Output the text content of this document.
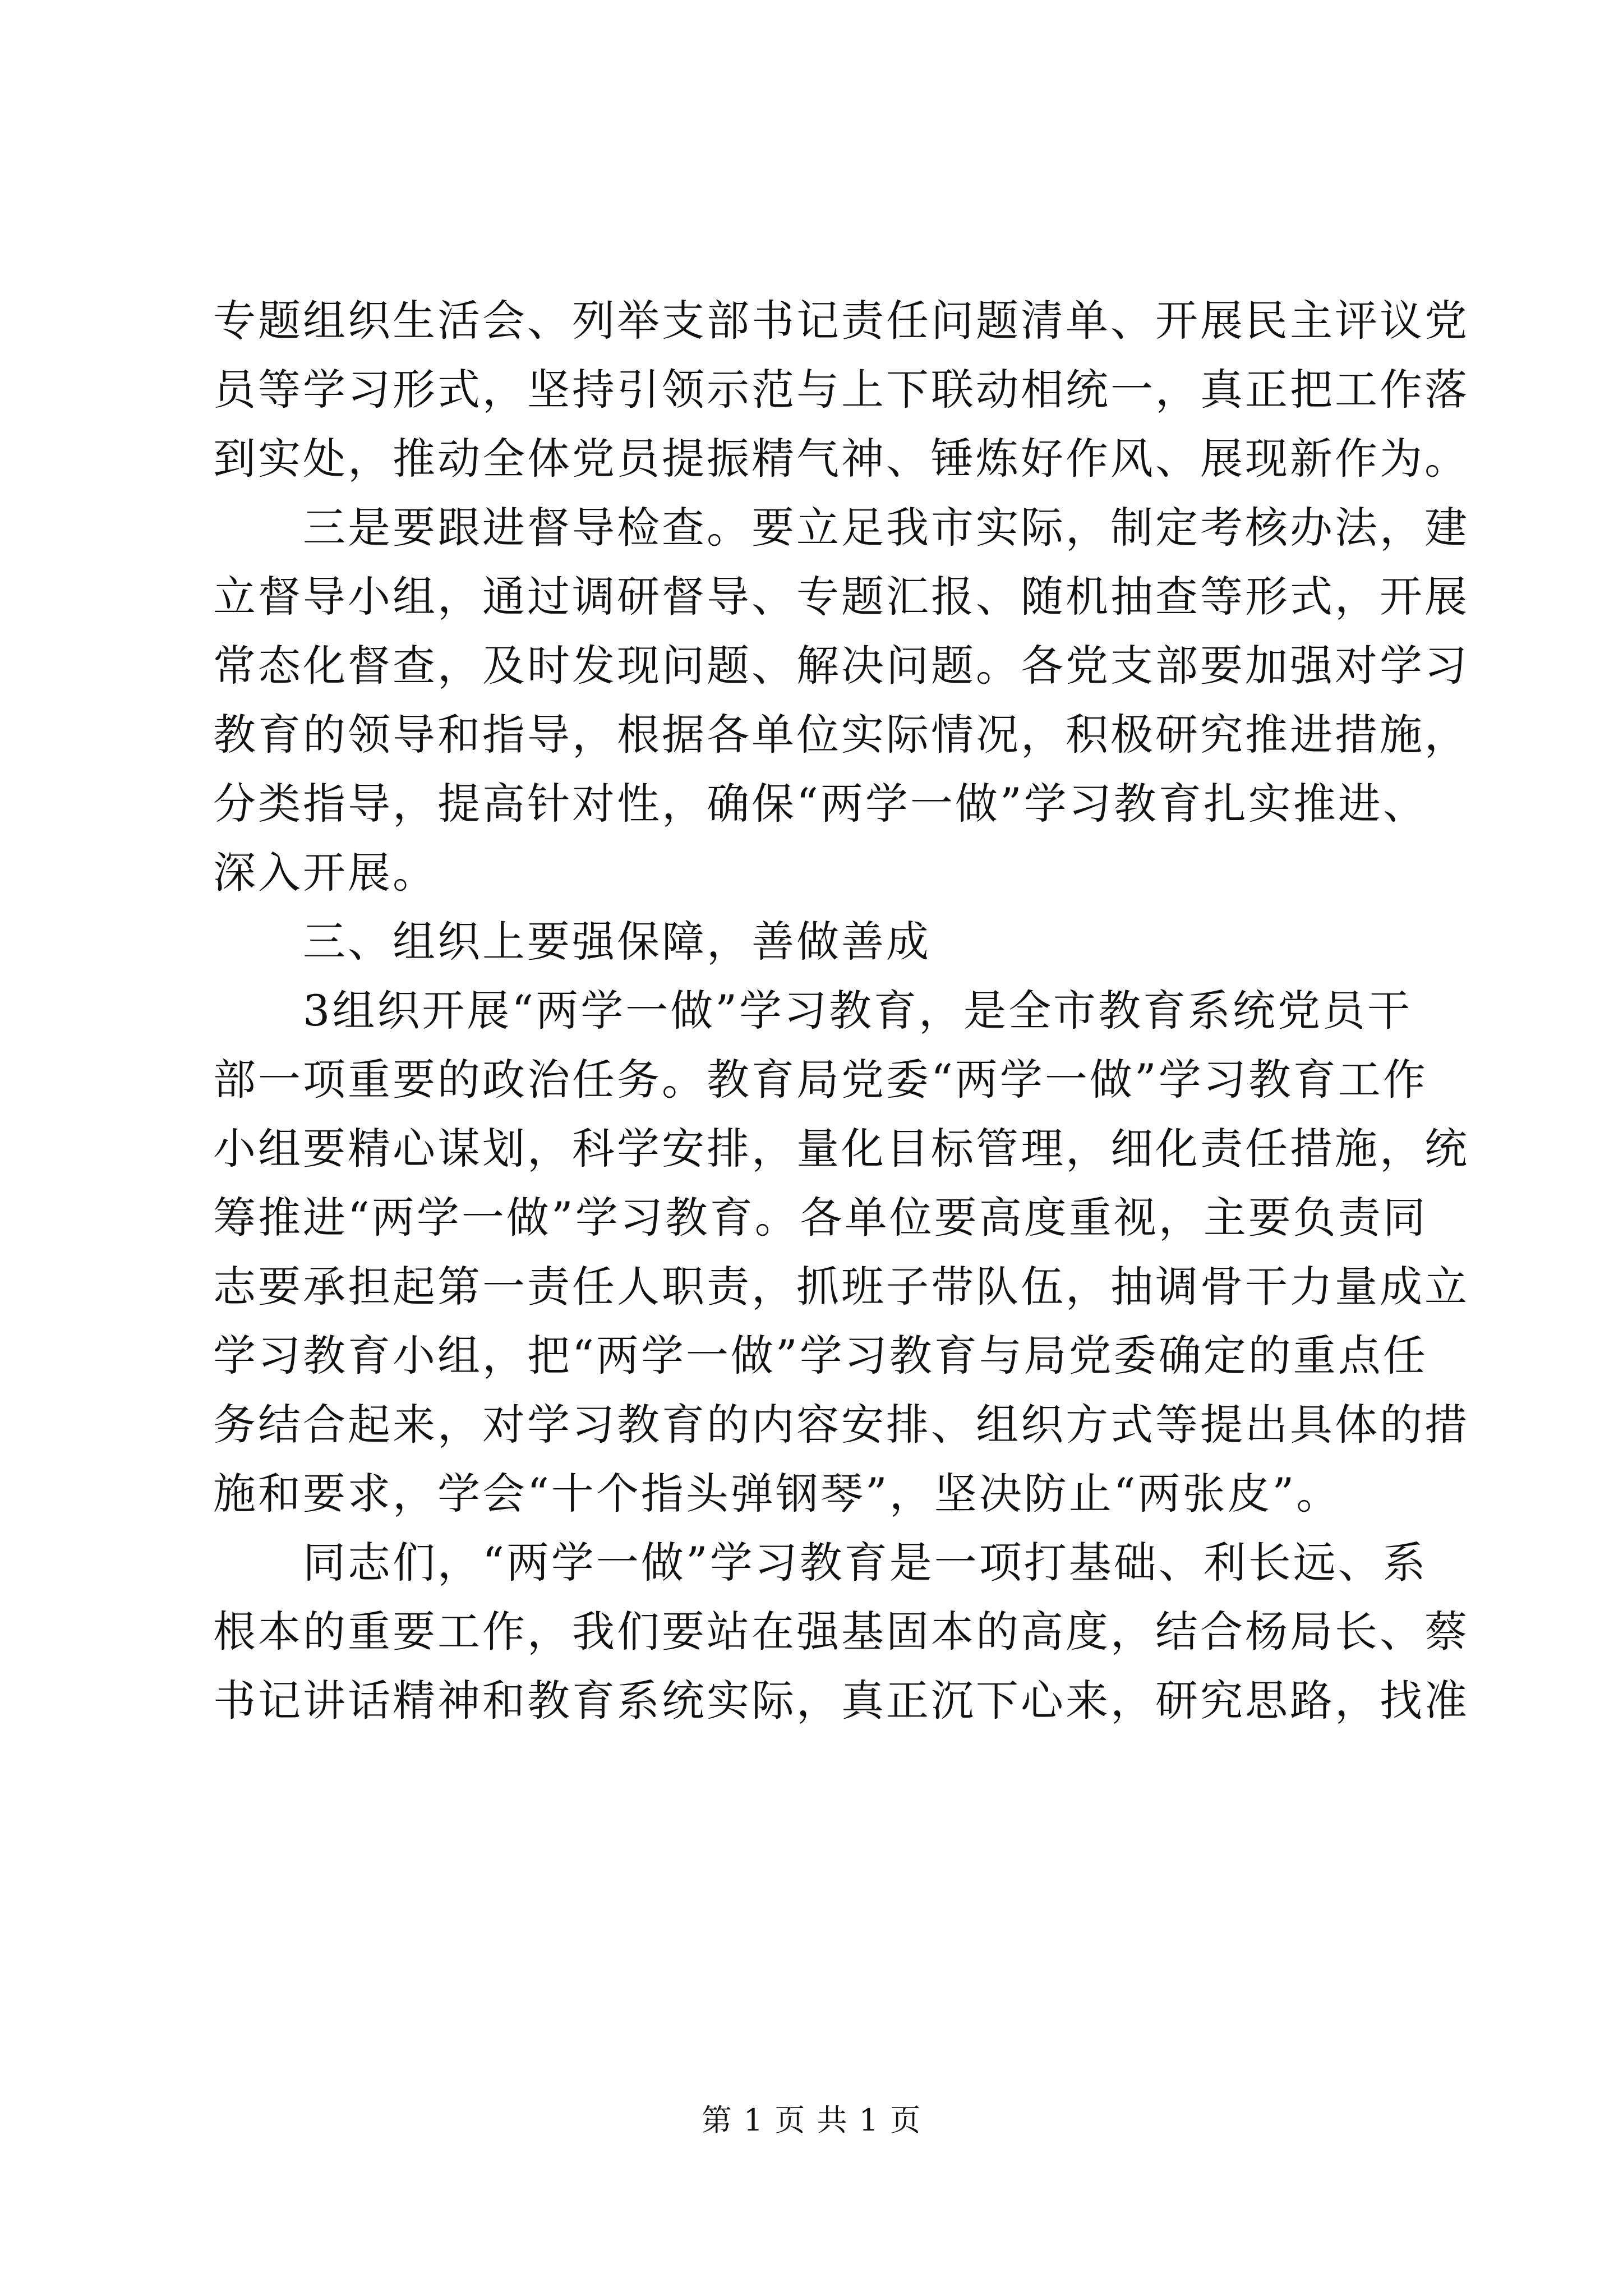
专题组织生活会、列举支部书记责任问题清单、开展民主评议党
员等学习形式，坚持引领示范与上下联动相统一，真正把工作落
到实处，推动全体党员提振精气神、锤炼好作风、展现新作为。
三是要跟进督导检查。要立足我市实际，制定考核办法，建
立督导小组，通过调研督导、专题汇报、随机抽查等形式，开展
常态化督查，及时发现问题、解决问题。各党支部要加强对学习
教育的领导和指导，根据各单位实际情况，积极研究推进措施，
分类指导，提高针对性，确保“两学一做”学习教育扎实推进、
深入开展。
三、组织上要强保障，善做善成
3组织开展“两学一做”学习教育，是全市教育系统党员干
部一项重要的政治任务。教育局党委“两学一做”学习教育工作
小组要精心谋划，科学安排，量化目标管理，细化责任措施，统
筹推进“两学一做”学习教育。各单位要高度重视，主要负责同
志要承担起第一责任人职责，抓班子带队伍，抽调骨干力量成立
学习教育小组，把“两学一做”学习教育与局党委确定的重点任
务结合起来，对学习教育的内容安排、组织方式等提出具体的措
施和要求，学会“十个指头弹钢琴”，坚决防止“两张皮”。
同志们，“两学一做”学习教育是一项打基础、利长远、系
根本的重要工作，我们要站在强基固本的高度，结合杨局长、蔡
书记讲话精神和教育系统实际，真正沉下心来，研究思路，找准
第 1 页 共 1 页
